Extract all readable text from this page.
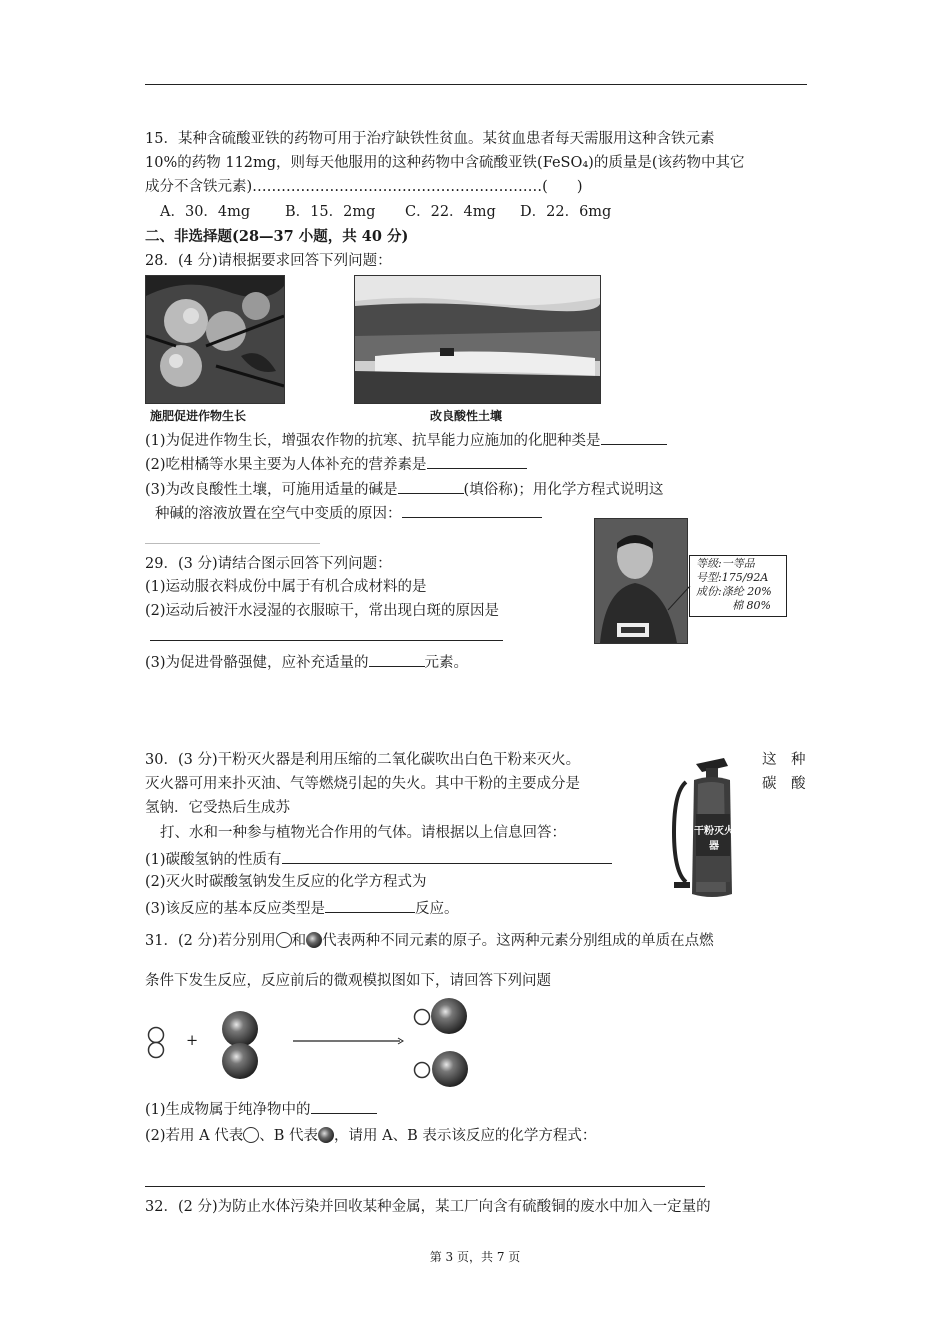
15．某种含硫酸亚铁的药物可用于治疗缺铁性贫血。某贫血患者每天需服用这种含铁元素
10%的药物 112mg，则每天他服用的这种药物中含硫酸亚铁(FeSO₄)的质量是(该药物中其它
成分不含铁元素)……………………………………………………(　　)
A．30．4mg B．15．2mg C．22．4mg D．22．6mg
二、非选择题(28—37 小题，共 40 分)
28．(4 分)请根据要求回答下列问题：
施肥促进作物生长	改良酸性土壤
(1)为促进作物生长，增强农作物的抗寒、抗旱能力应施加的化肥种类是
(2)吃柑橘等水果主要为人体补充的营养素是
(3)为改良酸性土壤，可施用适量的碱是	(填俗称)；用化学方程式说明这
种碱的溶液放置在空气中变质的原因：
29．(3 分)请结合图示回答下列问题：
(1)运动服衣料成份中属于有机合成材料的是
(2)运动后被汗水浸湿的衣服晾干，常出现白斑的原因是
(3)为促进骨骼强健，应补充适量的	元素。
等级:一等品
号型:175/92A
成份:涤纶 20%
棉 80%
30．(3 分)干粉灭火器是利用压缩的二氧化碳吹出白色干粉来灭火。	这　种
灭火器可用来扑灭油、气等燃烧引起的失火。其中干粉的主要成分是	碳　酸
氢钠．它受热后生成苏
打、水和一种参与植物光合作用的气体。请根据以上信息回答：
(1)碳酸氢钠的性质有
(2)灭火时碳酸氢钠发生反应的化学方程式为
(3)该反应的基本反应类型是	反应。
干粉灭火器
31．(2 分)若分别用 和 代表两种不同元素的原子。这两种元素分别组成的单质在点燃
条件下发生反应，反应前后的微观模拟图如下，请回答下列问题
+
(1)生成物属于纯净物中的
(2)若用 A 代表 、B 代表 ，请用 A、B 表示该反应的化学方程式：
32．(2 分)为防止水体污染并回收某种金属，某工厂向含有硫酸铜的废水中加入一定量的
第 3 页，共 7 页
